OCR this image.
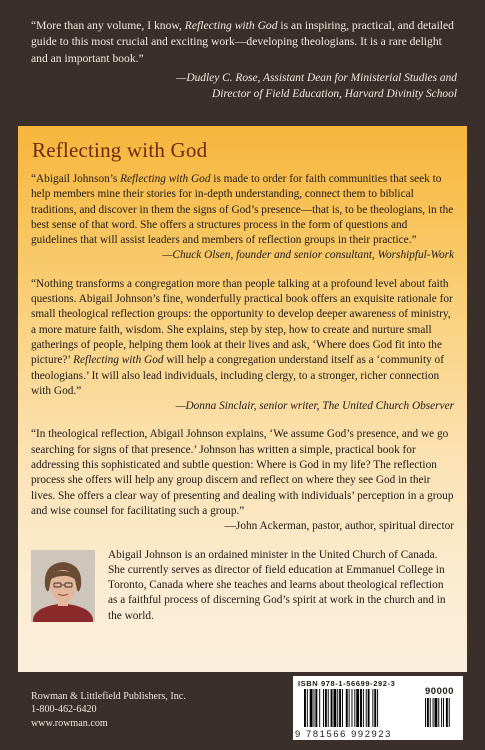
“More than any volume, I know, Reflecting with God is an inspiring, practical, and detailed guide to this most crucial and exciting work—developing theologians. It is a rare delight and an important book.”

—Dudley C. Rose, Assistant Dean for Ministerial Studies and
Director of Field Education, Harvard Divinity School
Reflecting with God
“Abigail Johnson’s Reflecting with God is made to order for faith communities that seek to help members mine their stories for in-depth understanding, connect them to biblical traditions, and discover in them the signs of God’s presence—that is, to be theologians, in the best sense of that word. She offers a structures process in the form of questions and guidelines that will assist leaders and members of reflection groups in their practice.”
—Chuck Olsen, founder and senior consultant, Worshipful-Work
“Nothing transforms a congregation more than people talking at a profound level about faith questions. Abigail Johnson’s fine, wonderfully practical book offers an exquisite rationale for small theological reflection groups: the opportunity to develop deeper awareness of ministry, a more mature faith, wisdom. She explains, step by step, how to create and nurture small gatherings of people, helping them look at their lives and ask, ‘Where does God fit into the picture?’ Reflecting with God will help a congregation understand itself as a ‘community of theologians.’ It will also lead individuals, including clergy, to a stronger, richer connection with God.”
—Donna Sinclair, senior writer, The United Church Observer
“In theological reflection, Abigail Johnson explains, ‘We assume God’s presence, and we go searching for signs of that presence.’ Johnson has written a simple, practical book for addressing this sophisticated and subtle question: Where is God in my life? The reflection process she offers will help any group discern and reflect on where they see God in their lives. She offers a clear way of presenting and dealing with individuals’ perception in a group and wise counsel for facilitating such a group.”
—John Ackerman, pastor, author, spiritual director
Abigail Johnson is an ordained minister in the United Church of Canada. She currently serves as director of field education at Emmanuel College in Toronto, Canada where she teaches and learns about theological reflection as a faithful process of discerning God’s spirit at work in the church and in the world.
Rowman & Littlefield Publishers, Inc.
1-800-462-6420
www.rowman.com
ISBN 978-1-56699-292-3
90000
9 781566 992923
